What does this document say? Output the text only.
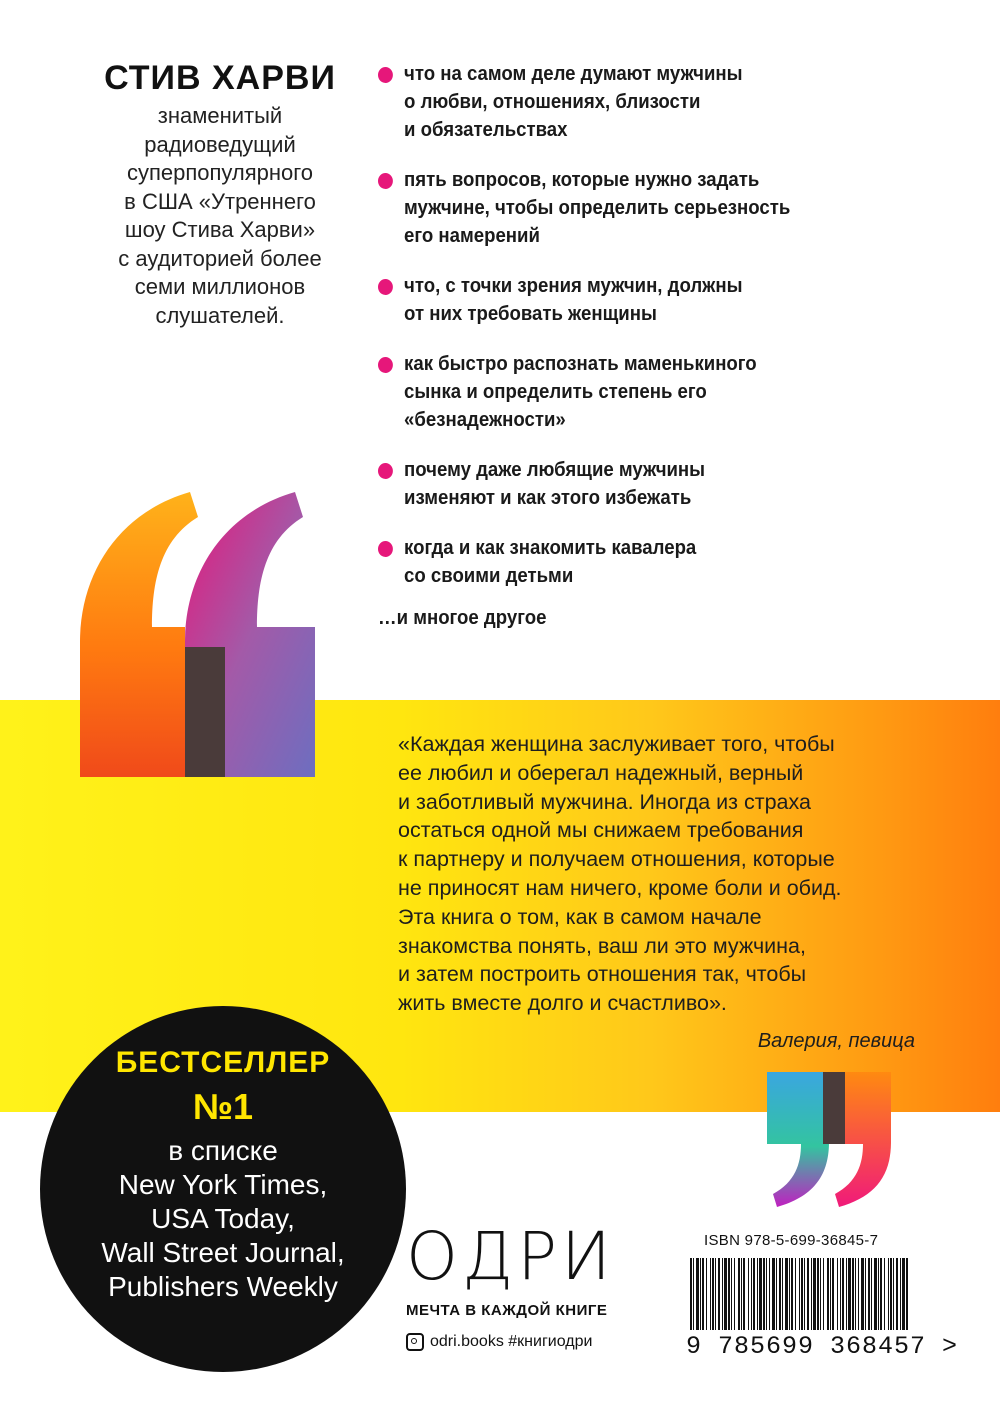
СТИВ ХАРВИ
знаменитый
радиоведущий
суперпопулярного
в США «Утреннего
шоу Стива Харви»
с аудиторией более
семи миллионов
слушателей.
что на самом деле думают мужчины
о любви, отношениях, близости
и обязательствах
пять вопросов, которые нужно задать
мужчине, чтобы определить серьезность
его намерений
что, с точки зрения мужчин, должны
от них требовать женщины
как быстро распознать маменькиного
сынка и определить степень его
«безнадежности»
почему даже любящие мужчины
изменяют и как этого избежать
когда и как знакомить кавалера
со своими детьми
…и многое другое
«Каждая женщина заслуживает того, чтобы
ее любил и оберегал надежный, верный
и заботливый мужчина. Иногда из страха
остаться одной мы снижаем требования
к партнеру и получаем отношения, которые
не приносят нам ничего, кроме боли и обид.
Эта книга о том, как в самом начале
знакомства понять, ваш ли это мужчина,
и затем построить отношения так, чтобы
жить вместе долго и счастливо».
Валерия, певица
БЕСТСЕЛЛЕР
№1
в списке
New York Times,
USA Today,
Wall Street Journal,
Publishers Weekly	ОДРИ
МЕЧТА В КАЖДОЙ КНИГЕ
odri.books #книгиодри
ISBN 978-5-699-36845-7
9 785699 368457 >
